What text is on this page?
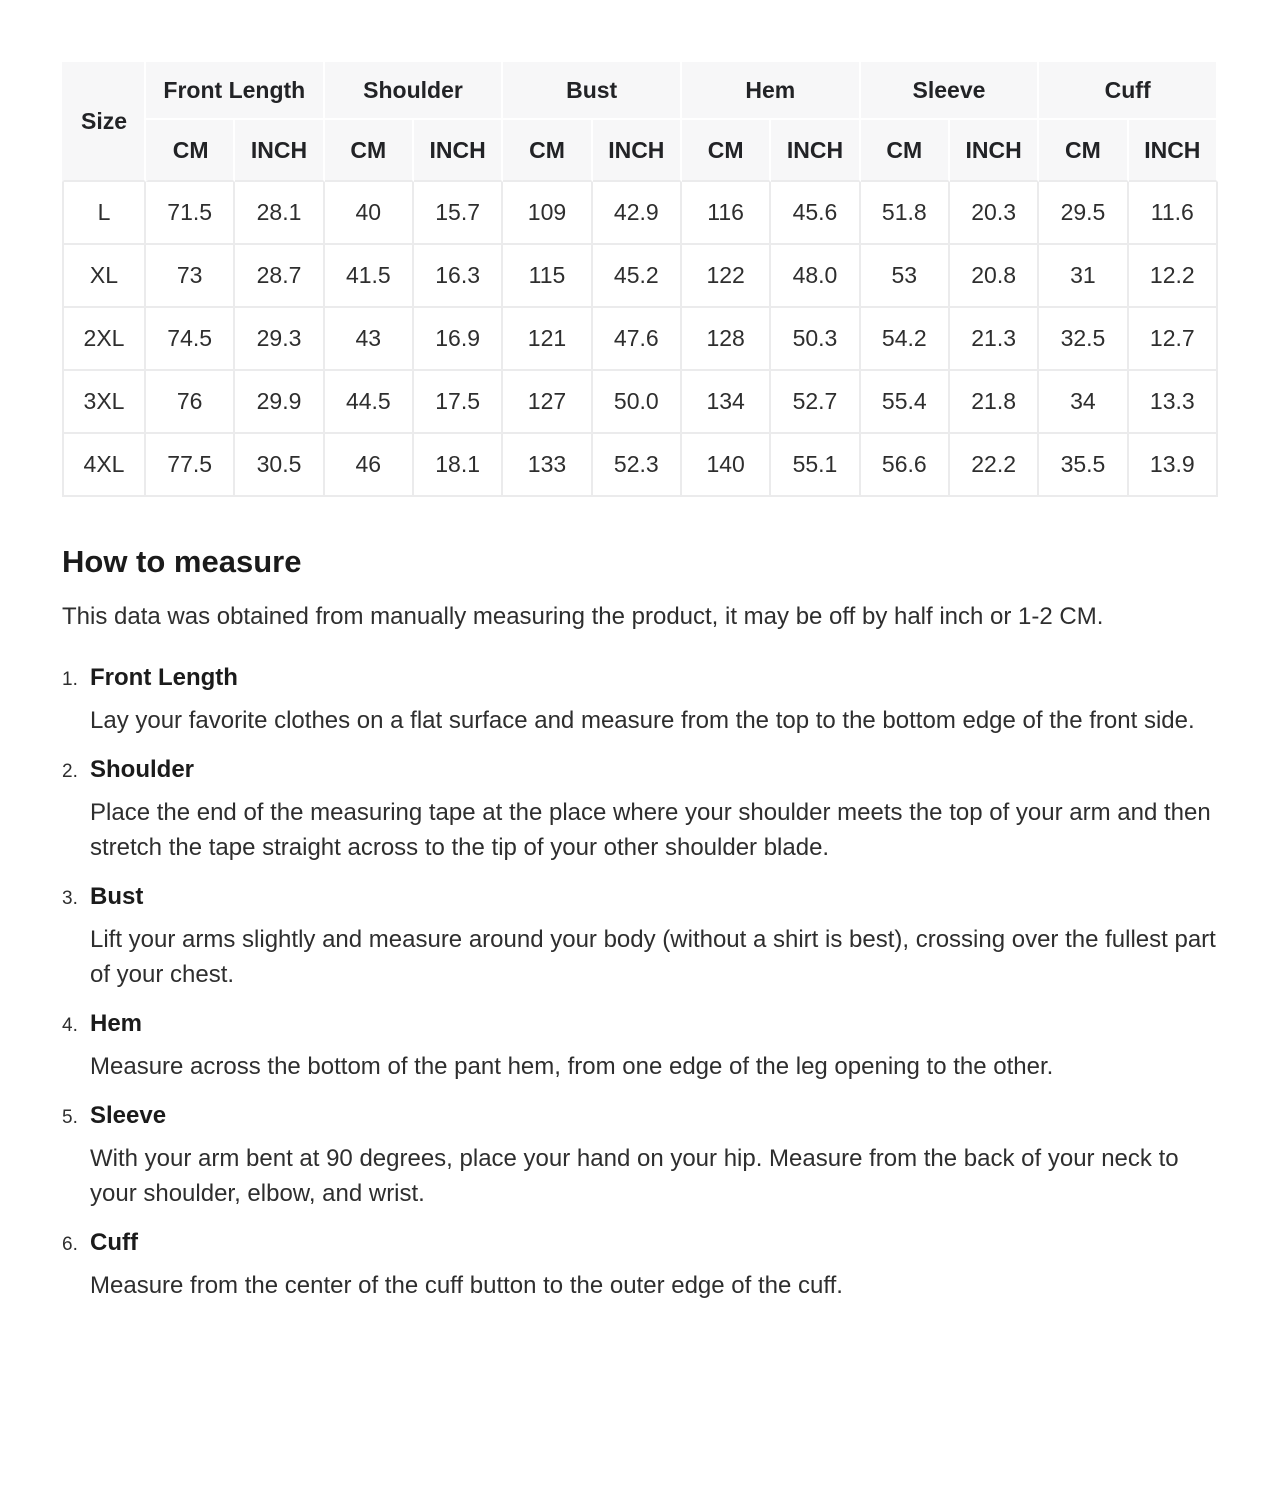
Size	Front Length		Shoulder		Bust		Hem		Sleeve		Cuff	
	CM	INCH	CM	INCH	CM	INCH	CM	INCH	CM	INCH	CM	INCH
L	71.5	28.1	40	15.7	109	42.9	116	45.6	51.8	20.3	29.5	11.6
XL	73	28.7	41.5	16.3	115	45.2	122	48.0	53	20.8	31	12.2
2XL	74.5	29.3	43	16.9	121	47.6	128	50.3	54.2	21.3	32.5	12.7
3XL	76	29.9	44.5	17.5	127	50.0	134	52.7	55.4	21.8	34	13.3
4XL	77.5	30.5	46	18.1	133	52.3	140	55.1	56.6	22.2	35.5	13.9
How to measure

This data was obtained from manually measuring the product, it may be off by half inch or 1-2 CM.

1. Front Length

Lay your favorite clothes on a flat surface and measure from the top to the bottom edge of the front side.

2. Shoulder

Place the end of the measuring tape at the place where your shoulder meets the top of your arm and then stretch the tape straight across to the tip of your other shoulder blade.

3. Bust

Lift your arms slightly and measure around your body (without a shirt is best), crossing over the fullest part of your chest.

4. Hem

Measure across the bottom of the pant hem, from one edge of the leg opening to the other.

5. Sleeve

With your arm bent at 90 degrees, place your hand on your hip. Measure from the back of your neck to your shoulder, elbow, and wrist.

6. Cuff

Measure from the center of the cuff button to the outer edge of the cuff.
